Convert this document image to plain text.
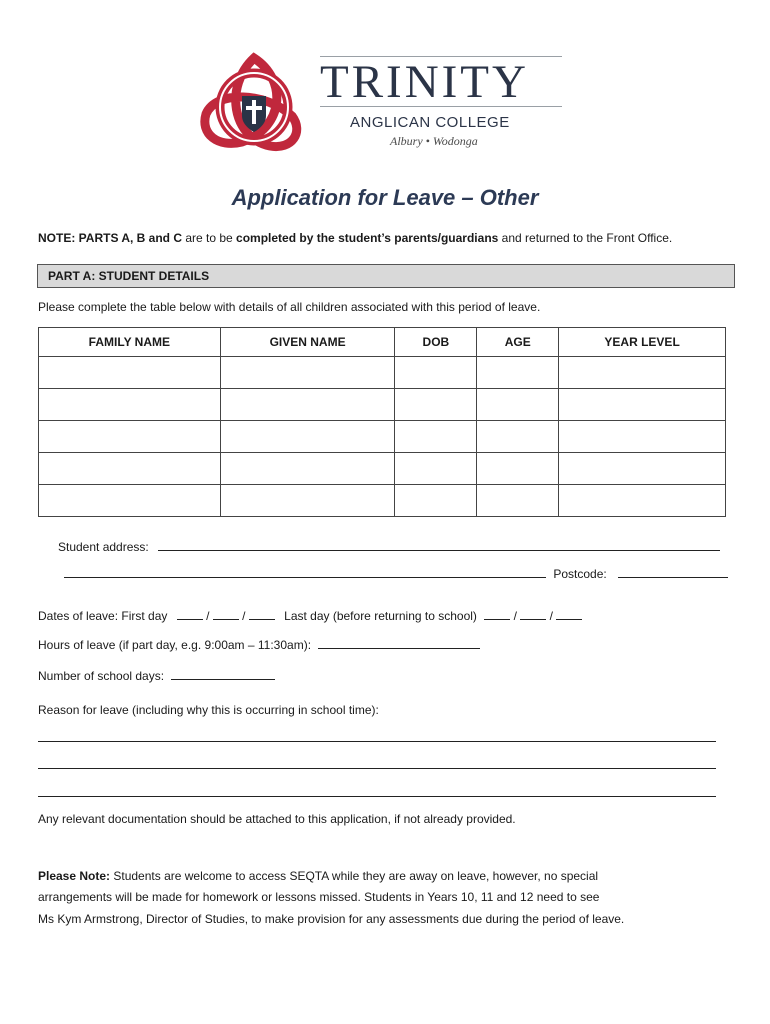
TRINITY
ANGLICAN COLLEGE
Albury • Wodonga
Application for Leave – Other
NOTE: PARTS A, B and C are to be completed by the student’s parents/guardians and returned to the Front Office.
PART A: STUDENT DETAILS
Please complete the table below with details of all children associated with this period of leave.
FAMILY NAME	GIVEN NAME	DOB	AGE	YEAR LEVEL

Student address:
Postcode:
Dates of leave: First day	/	/	Last day (before returning to school)	/	/
Hours of leave (if part day, e.g. 9:00am – 11:30am):
Number of school days:
Reason for leave (including why this is occurring in school time):
Any relevant documentation should be attached to this application, if not already provided.
Please Note: Students are welcome to access SEQTA while they are away on leave, however, no special
arrangements will be made for homework or lessons missed. Students in Years 10, 11 and 12 need to see
Ms Kym Armstrong, Director of Studies, to make provision for any assessments due during the period of leave.
